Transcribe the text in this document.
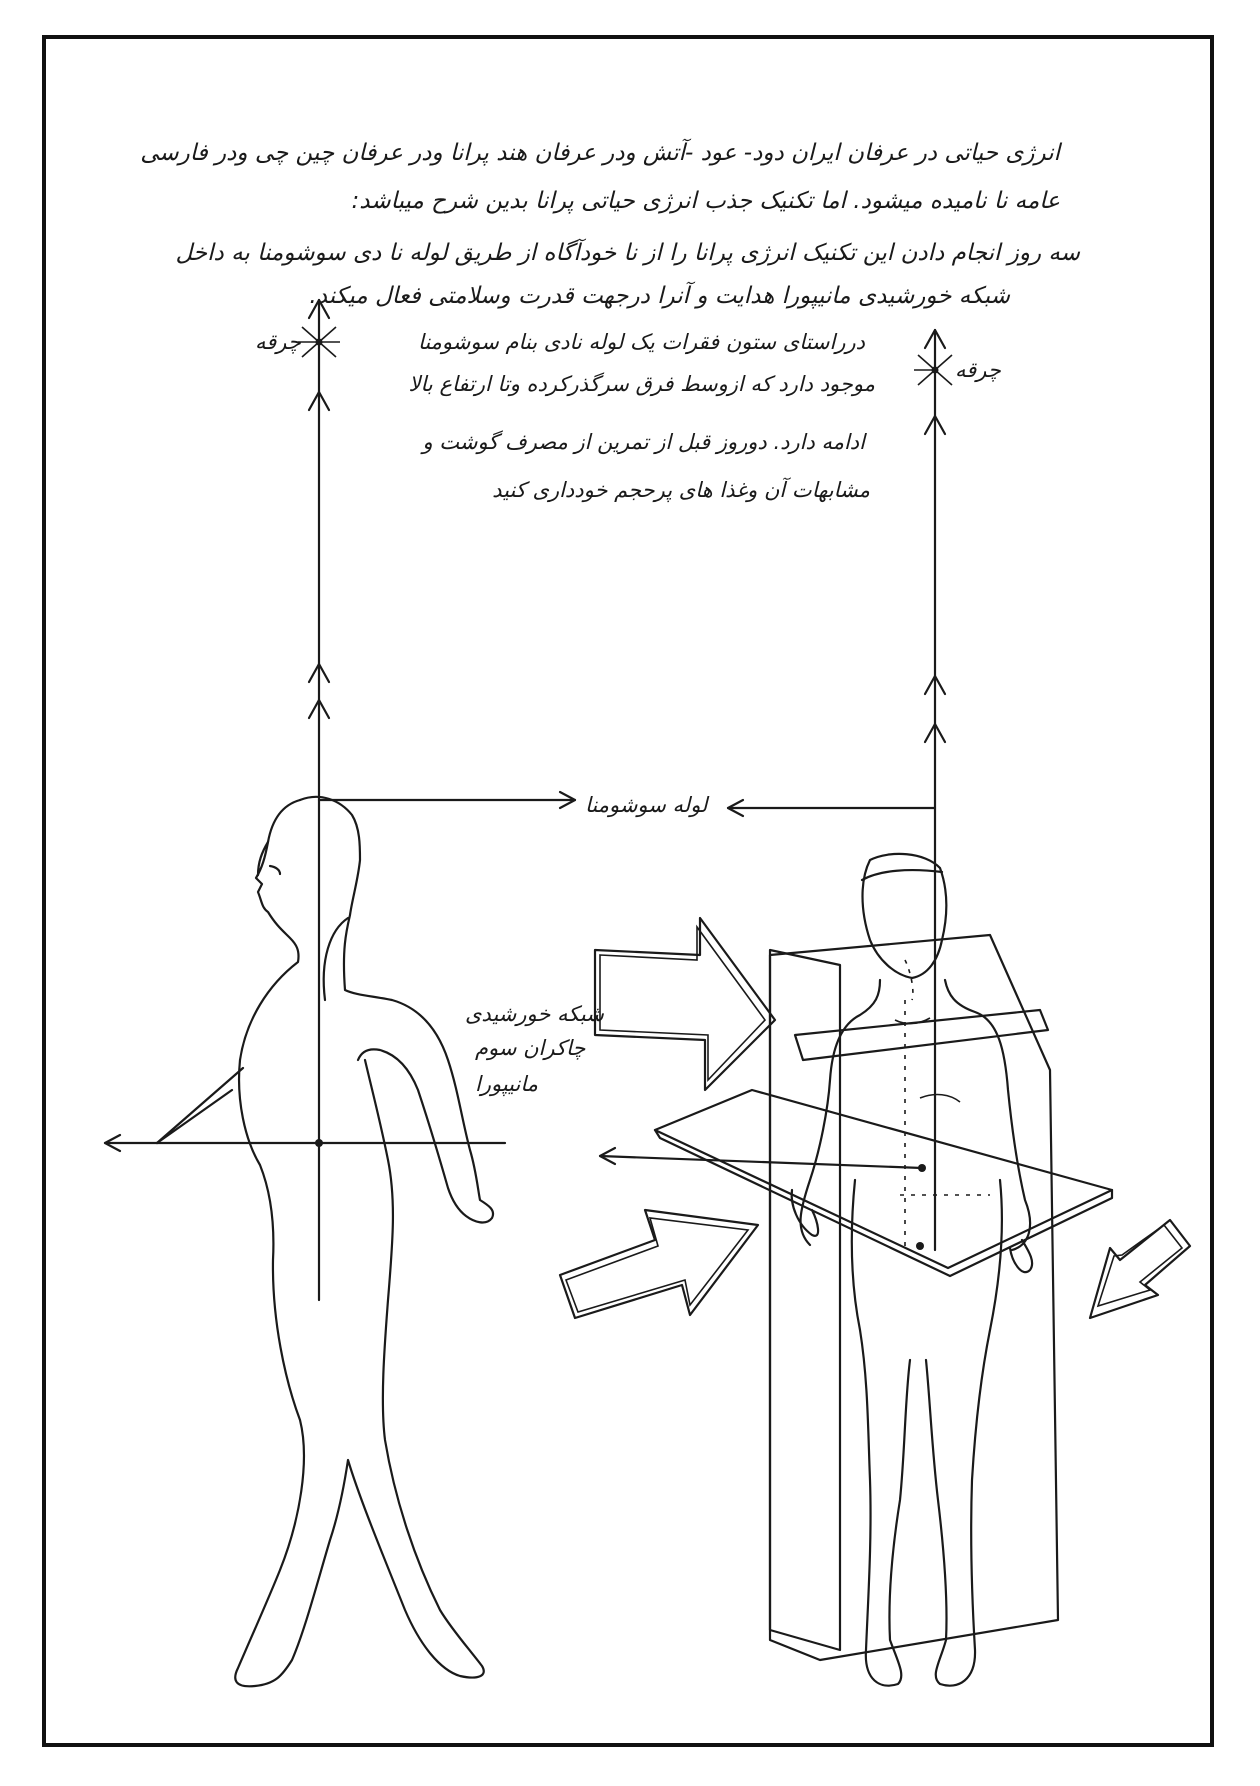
انرژی حیاتی در عرفان ایران دود- عود -آتش ودر عرفان هند پرانا ودر عرفان چین چی ودر فارسی
عامه نا نامیده میشود. اما تکنیک جذب انرژی حیاتی پرانا بدین شرح میباشد:
سه روز انجام دادن این تکنیک انرژی پرانا را از نا خودآگاه از طریق لوله نا دی سوشومنا به داخل
شبکه خورشیدی مانیپورا هدایت و آنرا درجهت قدرت وسلامتی فعال میکند.
درراستای ستون فقرات یک لوله نادی بنام سوشومنا
موجود دارد که ازوسط فرق سرگذرکرده وتا ارتفاع بالا
ادامه دارد. دوروز قبل از تمرین از مصرف گوشت و
مشابهات آن وغذا های پرحجم خودداری کنید
چرقه
چرقه
لوله سوشومنا
شبکه خورشیدی
چاکران سوم
مانیپورا
